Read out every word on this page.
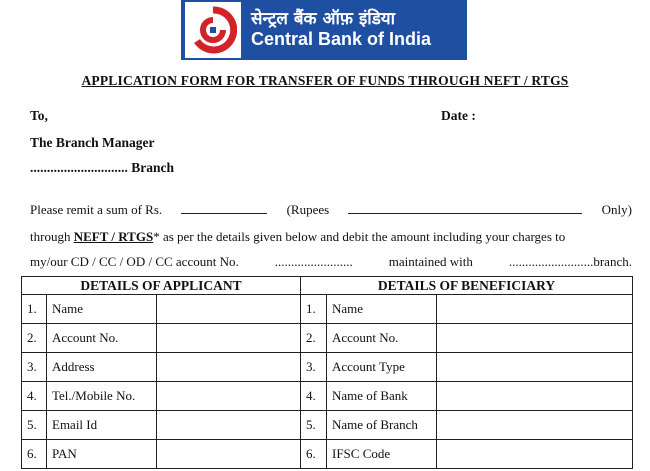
सेन्ट्रल बैंक ऑफ़ इंडिया
Central Bank of India
APPLICATION FORM FOR TRANSFER OF FUNDS THROUGH NEFT / RTGS
To,	Date :
The Branch Manager
............................. Branch
Please remit a sum of Rs.	(Rupees	Only)
through NEFT / RTGS* as per the details given below and debit the amount including your charges to
my/our CD / CC / OD / CC account No.	........................	maintained with	..........................branch.
DETAILS OF APPLICANT			DETAILS OF BENEFICIARY		
1.	Name		1.	Name	
2.	Account No.		2.	Account No.	
3.	Address		3.	Account Type	
4.	Tel./Mobile No.		4.	Name of Bank	
5.	Email Id		5.	Name of Branch	
6.	PAN		6.	IFSC Code	
